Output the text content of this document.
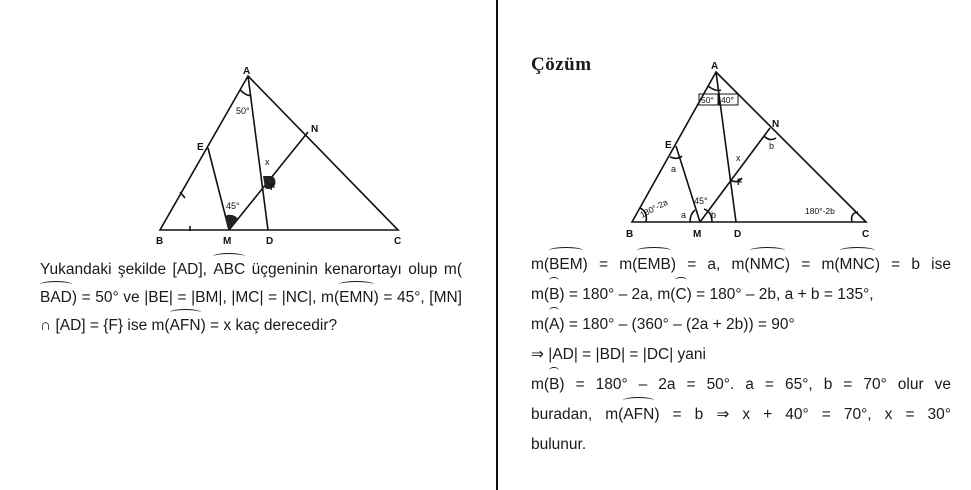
A
E
N
F
x
50°
45°
B	M	D	C
Yukandaki şekilde [AD], ABC üçgeninin kenarortayı olup m(BAD) = 50° ve |BE| = |BM|, |MC| = |NC|, m(EMN) = 45°, [MN] ∩ [AD] = {F} ise m(AFN) = x kaç derecedir?
Çözüm
50° 40°
A
E
N
b
x
F
a
180°-2a	180°-2b
a
45°
b
B	M	D	C
m(BEM) = m(EMB) = a, m(NMC) = m(MNC) = b ise
m(B) = 180° – 2a, m(C) = 180° – 2b, a + b = 135°,
m(A) = 180° – (360° – (2a + 2b)) = 90°
⇒ |AD| = |BD| = |DC| yani
m(B) = 180° – 2a = 50°. a = 65°, b = 70° olur ve
buradan, m(AFN) = b ⇒ x + 40° = 70°, x = 30°
bulunur.
